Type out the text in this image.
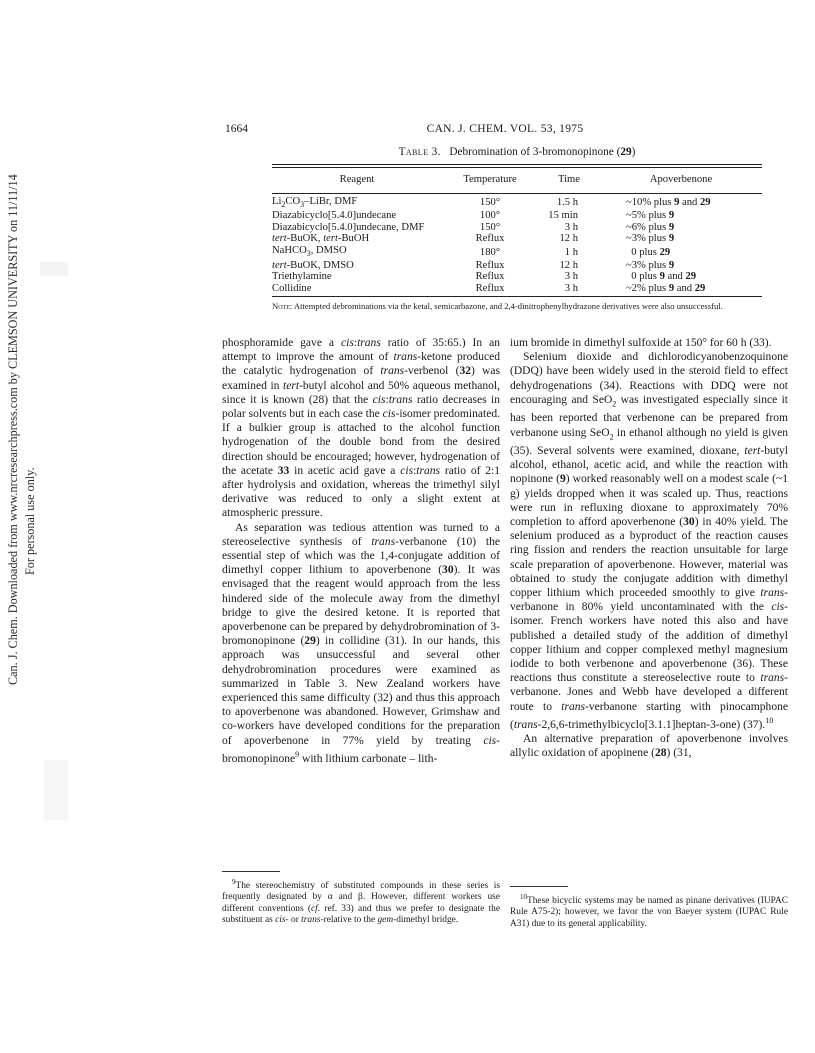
Can. J. Chem. Downloaded from www.nrcresearchpress.com by CLEMSON UNIVERSITY on 11/11/14 For personal use only.
1664	CAN. J. CHEM. VOL. 53, 1975
Table 3. Debromination of 3-bromonopinone (29)
Reagent	Temperature	Time	Apoverbenone
$Li_2CO_3$–LiBr, DMF	150°	1.5 h	~10% plus 9 and 29
Diazabicyclo[5.4.0]undecane	100°	15 min	~5% plus 9
Diazabicyclo[5.4.0]undecane, DMF	150°	3 h	~6% plus 9
tert-BuOK, tert-BuOH	Reflux	12 h	~3% plus 9
NaHCO$_3$, DMSO	180°	1 h	0 plus 29
tert-BuOK, DMSO	Reflux	12 h	~3% plus 9
Triethylamine	Reflux	3 h	0 plus 9 and 29
Collidine	Reflux	3 h	~2% plus 9 and 29
Note: Attempted debrominations via the ketal, semicarbazone, and 2,4-dinitrophenylhydrazone derivatives were also unsuccessful.

phosphoramide gave a cis:trans ratio of 35:65.) In an attempt to improve the amount of trans-ketone produced the catalytic hydrogenation of trans-verbenol (32) was examined in tert-butyl alcohol and 50% aqueous methanol, since it is known (28) that the cis:trans ratio decreases in polar solvents but in each case the cis-isomer predominated. If a bulkier group is attached to the alcohol function hydrogenation of the double bond from the desired direction should be encouraged; however, hydrogenation of the acetate 33 in acetic acid gave a cis:trans ratio of 2:1 after hydrolysis and oxidation, whereas the trimethyl silyl derivative was reduced to only a slight extent at atmospheric pressure.

As separation was tedious attention was turned to a stereoselective synthesis of trans-verbanone (10) the essential step of which was the 1,4-conjugate addition of dimethyl copper lithium to apoverbenone (30). It was envisaged that the reagent would approach from the less hindered side of the molecule away from the dimethyl bridge to give the desired ketone. It is reported that apoverbenone can be prepared by dehydrobromination of 3-bromonopinone (29) in collidine (31). In our hands, this approach was unsuccessful and several other dehydrobromination procedures were examined as summarized in Table 3. New Zealand workers have experienced this same difficulty (32) and thus this approach to apoverbenone was abandoned. However, Grimshaw and co-workers have developed conditions for the preparation of apoverbenone in 77% yield by treating cis-bromonopinone$^9$ with lithium carbonate – lith-

$^9$The stereochemistry of substituted compounds in these series is frequently designated by α and β. However, different workers use different conventions (cf. ref. 33) and thus we prefer to designate the substituent as cis- or trans-relative to the gem-dimethyl bridge.

ium bromide in dimethyl sulfoxide at 150° for 60 h (33).

Selenium dioxide and dichlorodicyanobenzoquinone (DDQ) have been widely used in the steroid field to effect dehydrogenations (34). Reactions with DDQ were not encouraging and SeO$_2$ was investigated especially since it has been reported that verbenone can be prepared from verbanone using SeO$_2$ in ethanol although no yield is given (35). Several solvents were examined, dioxane, tert-butyl alcohol, ethanol, acetic acid, and while the reaction with nopinone (9) worked reasonably well on a modest scale (~1 g) yields dropped when it was scaled up. Thus, reactions were run in refluxing dioxane to approximately 70% completion to afford apoverbenone (30) in 40% yield. The selenium produced as a byproduct of the reaction causes ring fission and renders the reaction unsuitable for large scale preparation of apoverbenone. However, material was obtained to study the conjugate addition with dimethyl copper lithium which proceeded smoothly to give trans-verbanone in 80% yield uncontaminated with the cis-isomer. French workers have noted this also and have published a detailed study of the addition of dimethyl copper lithium and copper complexed methyl magnesium iodide to both verbenone and apoverbenone (36). These reactions thus constitute a stereoselective route to trans-verbanone. Jones and Webb have developed a different route to trans-verbanone starting with pinocamphone (trans-2,6,6-trimethylbicyclo[3.1.1]heptan-3-one) (37).$^{10}$

An alternative preparation of apoverbenone involves allylic oxidation of apopinene (28) (31,

$^{10}$These bicyclic systems may be named as pinane derivatives (IUPAC Rule A75-2); however, we favor the von Baeyer system (IUPAC Rule A31) due to its general applicability.
